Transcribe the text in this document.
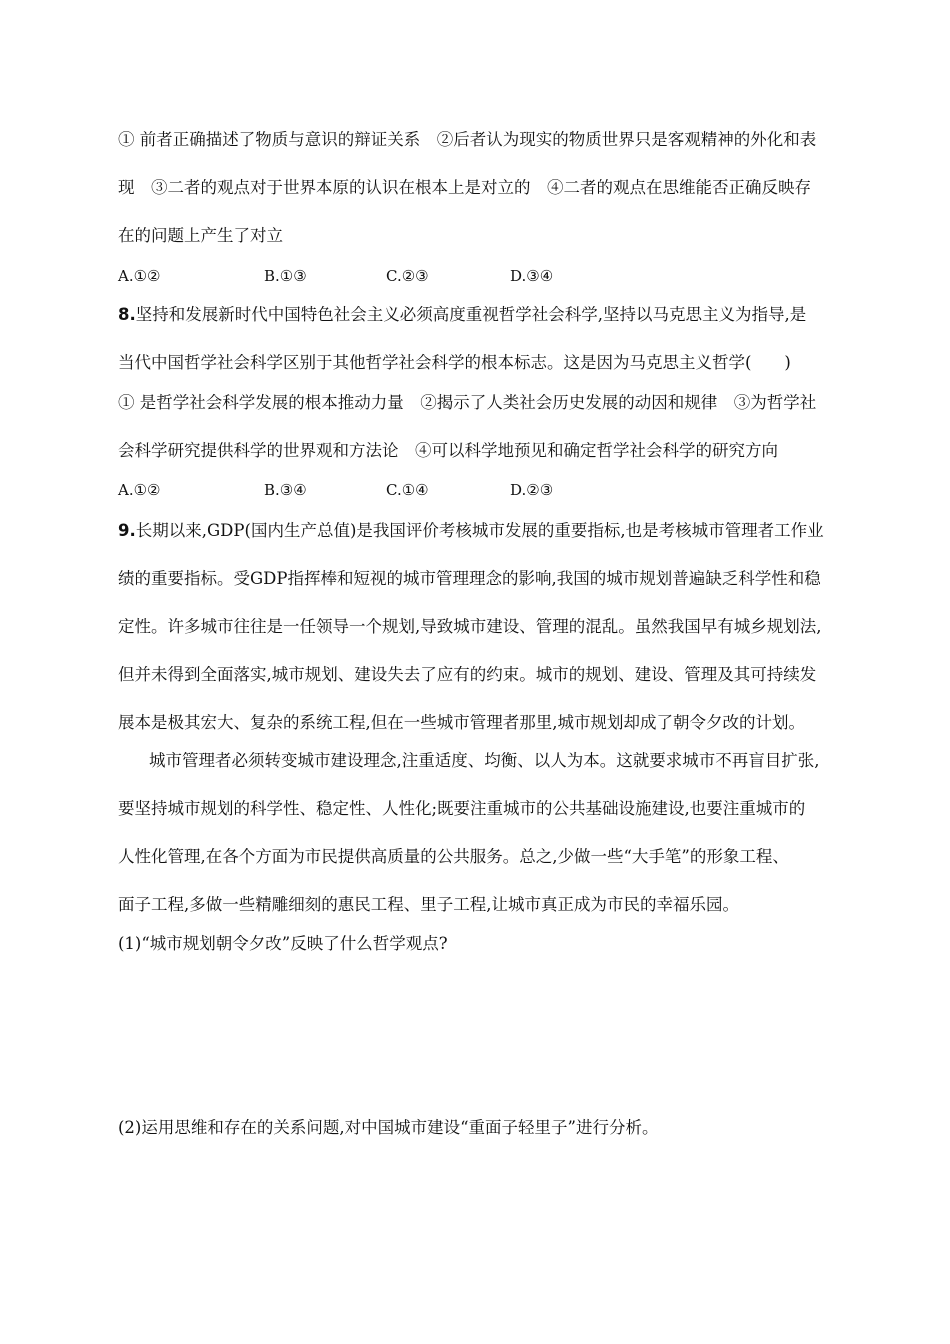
① 前者正确描述了物质与意识的辩证关系　②后者认为现实的物质世界只是客观精神的外化和表
现　③二者的观点对于世界本原的认识在根本上是对立的　④二者的观点在思维能否正确反映存
在的问题上产生了对立
A.①②	B.①③	C.②③	D.③④
8.坚持和发展新时代中国特色社会主义必须高度重视哲学社会科学,坚持以马克思主义为指导,是
当代中国哲学社会科学区别于其他哲学社会科学的根本标志。这是因为马克思主义哲学(　　)
① 是哲学社会科学发展的根本推动力量　②揭示了人类社会历史发展的动因和规律　③为哲学社
会科学研究提供科学的世界观和方法论　④可以科学地预见和确定哲学社会科学的研究方向
A.①②	B.③④	C.①④	D.②③
9.长期以来,GDP(国内生产总值)是我国评价考核城市发展的重要指标,也是考核城市管理者工作业
绩的重要指标。受GDP指挥棒和短视的城市管理理念的影响,我国的城市规划普遍缺乏科学性和稳
定性。许多城市往往是一任领导一个规划,导致城市建设、管理的混乱。虽然我国早有城乡规划法,
但并未得到全面落实,城市规划、建设失去了应有的约束。城市的规划、建设、管理及其可持续发
展本是极其宏大、复杂的系统工程,但在一些城市管理者那里,城市规划却成了朝令夕改的计划。
城市管理者必须转变城市建设理念,注重适度、均衡、以人为本。这就要求城市不再盲目扩张,
要坚持城市规划的科学性、稳定性、人性化;既要注重城市的公共基础设施建设,也要注重城市的
人性化管理,在各个方面为市民提供高质量的公共服务。总之,少做一些“大手笔”的形象工程、
面子工程,多做一些精雕细刻的惠民工程、里子工程,让城市真正成为市民的幸福乐园。
(1)“城市规划朝令夕改”反映了什么哲学观点?
(2)运用思维和存在的关系问题,对中国城市建设“重面子轻里子”进行分析。
